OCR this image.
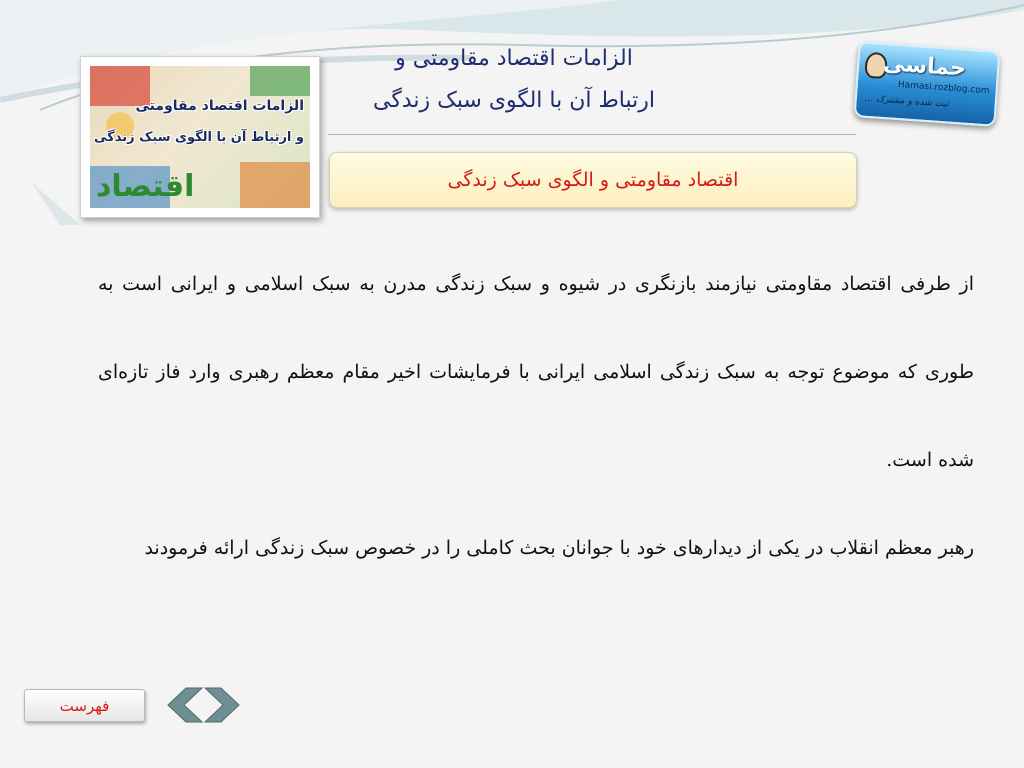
الزامات اقتصاد مقاومتی
و ارتباط آن با الگوی سبک زندگی
اقتصاد
حماسی
Hamasi.rozblog.com
ثبت شده و مشترک ...
الزامات اقتصاد مقاومتی و
ارتباط آن با الگوی سبک زندگی
اقتصاد مقاومتی و الگوی سبک زندگی

از طرفی اقتصاد مقاومتی نیازمند بازنگری در شیوه و سبک زندگی مدرن به سبک اسلامی و ایرانی است به طوری که موضوع توجه به سبک زندگی اسلامی ایرانی با فرمایشات اخیر مقام معظم رهبری وارد فاز تازه‌ای شده است.

رهبر معظم انقلاب در یکی از دیدارهای خود با جوانان بحث کاملی را در خصوص سبک زندگی ارائه فرمودند

فهرست
